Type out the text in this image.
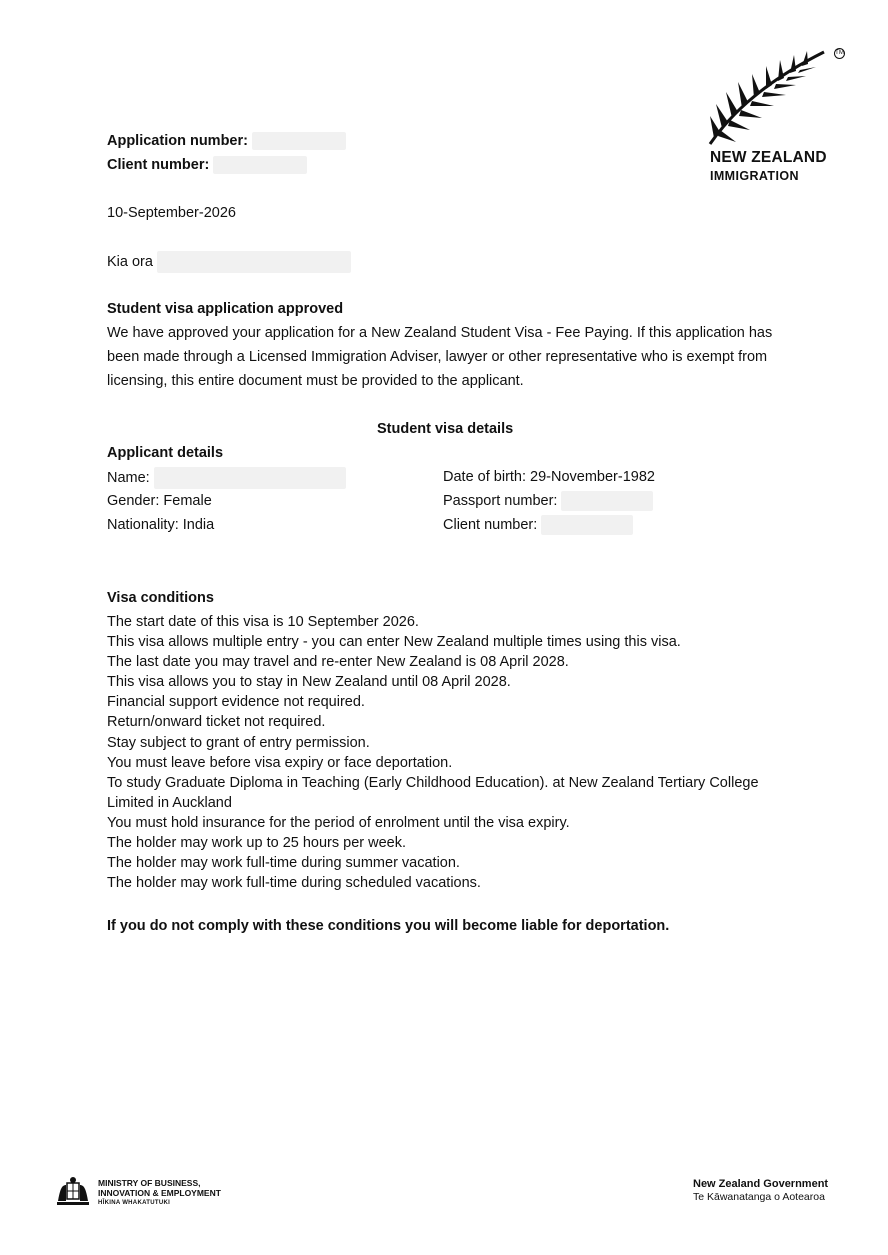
TM
NEW ZEALAND
IMMIGRATION
Application number:
Client number:
10-September-2026
Kia ora
Student visa application approved
We have approved your application for a New Zealand Student Visa - Fee Paying. If this application has been made through a Licensed Immigration Adviser, lawyer or other representative who is exempt from licensing, this entire document must be provided to the applicant.
Student visa details
Applicant details
Name:
Gender: Female
Nationality: India
Date of birth: 29-November-1982
Passport number:
Client number:
Visa conditions
The start date of this visa is 10 September 2026.
This visa allows multiple entry - you can enter New Zealand multiple times using this visa.
The last date you may travel and re-enter New Zealand is 08 April 2028.
This visa allows you to stay in New Zealand until 08 April 2028.
Financial support evidence not required.
Return/onward ticket not required.
Stay subject to grant of entry permission.
You must leave before visa expiry or face deportation.
To study Graduate Diploma in Teaching (Early Childhood Education). at New Zealand Tertiary College
Limited in Auckland
You must hold insurance for the period of enrolment until the visa expiry.
The holder may work up to 25 hours per week.
The holder may work full-time during summer vacation.
The holder may work full-time during scheduled vacations.
If you do not comply with these conditions you will become liable for deportation.
MINISTRY OF BUSINESS,
INNOVATION & EMPLOYMENT
HĪKINA WHAKATUTUKI
New Zealand Government
Te Kāwanatanga o Aotearoa
